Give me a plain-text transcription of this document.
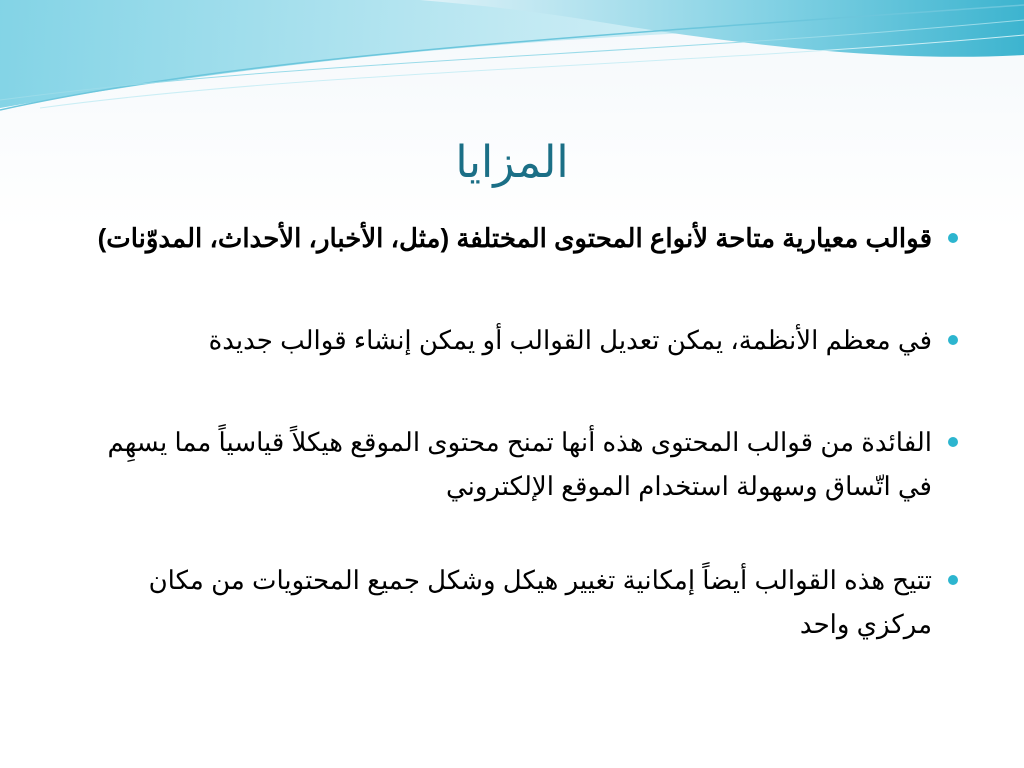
المزايا
قوالب معيارية متاحة لأنواع المحتوى المختلفة (مثل، الأخبار، الأحداث، المدوّنات)
في معظم الأنظمة، يمكن تعديل القوالب أو يمكن إنشاء قوالب جديدة
الفائدة من قوالب المحتوى هذه أنها تمنح محتوى الموقع هيكلاً قياسياً مما يسهِم في اتّساق وسهولة استخدام الموقع الإلكتروني
تتيح هذه القوالب أيضاً إمكانية تغيير هيكل وشكل جميع المحتويات من مكان مركزي واحد
